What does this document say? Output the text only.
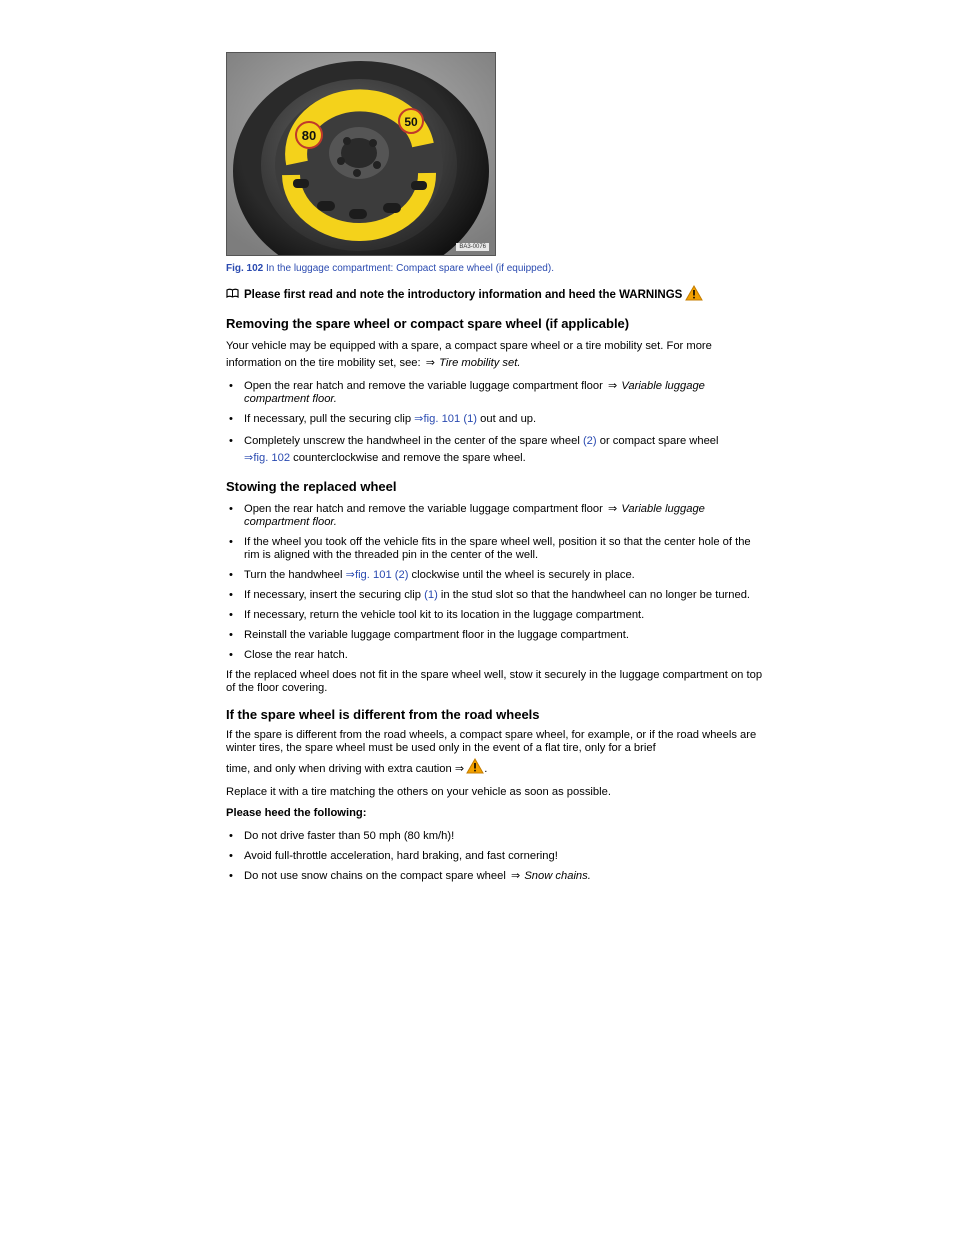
80
50
BA3-0076
Fig. 102 In the luggage compartment: Compact spare wheel (if equipped).
Please first read and note the introductory information and heed the WARNINGS
Removing the spare wheel or compact spare wheel (if applicable)

Your vehicle may be equipped with a spare, a compact spare wheel or a tire mobility set. For more
information on the tire mobility set, see: ⇒ Tire mobility set.

• Open the rear hatch and remove the variable luggage compartment floor ⇒ Variable luggage compartment floor.
• If necessary, pull the securing clip ⇒fig. 101 (1) out and up.
• Completely unscrew the handwheel in the center of the spare wheel (2) or compact spare wheel
⇒fig. 102 counterclockwise and remove the spare wheel.
Stowing the replaced wheel
• Open the rear hatch and remove the variable luggage compartment floor ⇒ Variable luggage compartment floor.
• If the wheel you took off the vehicle fits in the spare wheel well, position it so that the center hole of the rim is aligned with the threaded pin in the center of the well.
• Turn the handwheel ⇒fig. 101 (2) clockwise until the wheel is securely in place.
• If necessary, insert the securing clip (1) in the stud slot so that the handwheel can no longer be turned.
• If necessary, return the vehicle tool kit to its location in the luggage compartment.
• Reinstall the variable luggage compartment floor in the luggage compartment.
• Close the rear hatch.

If the replaced wheel does not fit in the spare wheel well, stow it securely in the luggage compartment on top of the floor covering.

If the spare wheel is different from the road wheels

If the spare is different from the road wheels, a compact spare wheel, for example, or if the road wheels are winter tires, the spare wheel must be used only in the event of a flat tire, only for a brief

time, and only when driving with extra caution ⇒ .

Replace it with a tire matching the others on your vehicle as soon as possible.

Please heed the following:

• Do not drive faster than 50 mph (80 km/h)!
• Avoid full-throttle acceleration, hard braking, and fast cornering!
• Do not use snow chains on the compact spare wheel ⇒ Snow chains.
